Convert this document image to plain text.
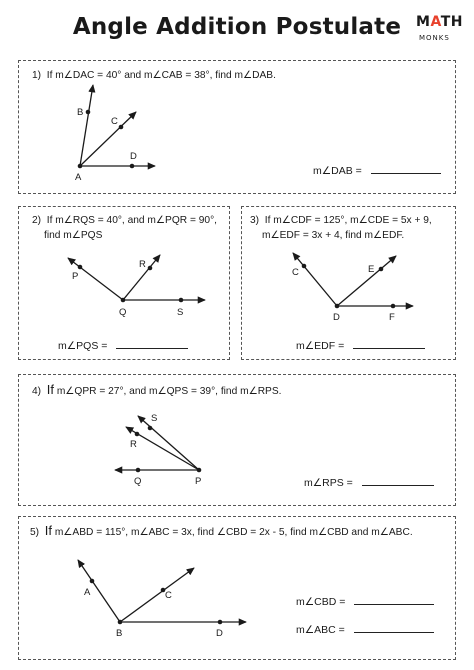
Angle Addition Postulate	MATH
MONKS
1) If m∠DAC = 40° and m∠CAB = 38°, find m∠DAB.
m∠DAB =
2) If m∠RQS = 40°, and m∠PQR = 90°,
find m∠PQS
m∠PQS =
3) If m∠CDF = 125°, m∠CDE = 5x + 9,
m∠EDF = 3x + 4, find m∠EDF.
m∠EDF =
4) If m∠QPR = 27°, and m∠QPS = 39°, find m∠RPS.
m∠RPS =
5) If m∠ABD = 115°, m∠ABC = 3x, find ∠CBD = 2x - 5, find m∠CBD and m∠ABC.
m∠CBD =
m∠ABC =
B
C
D
A
P
R
Q	S
C	E
D	F
S
R
Q	P
A	C
B	D
